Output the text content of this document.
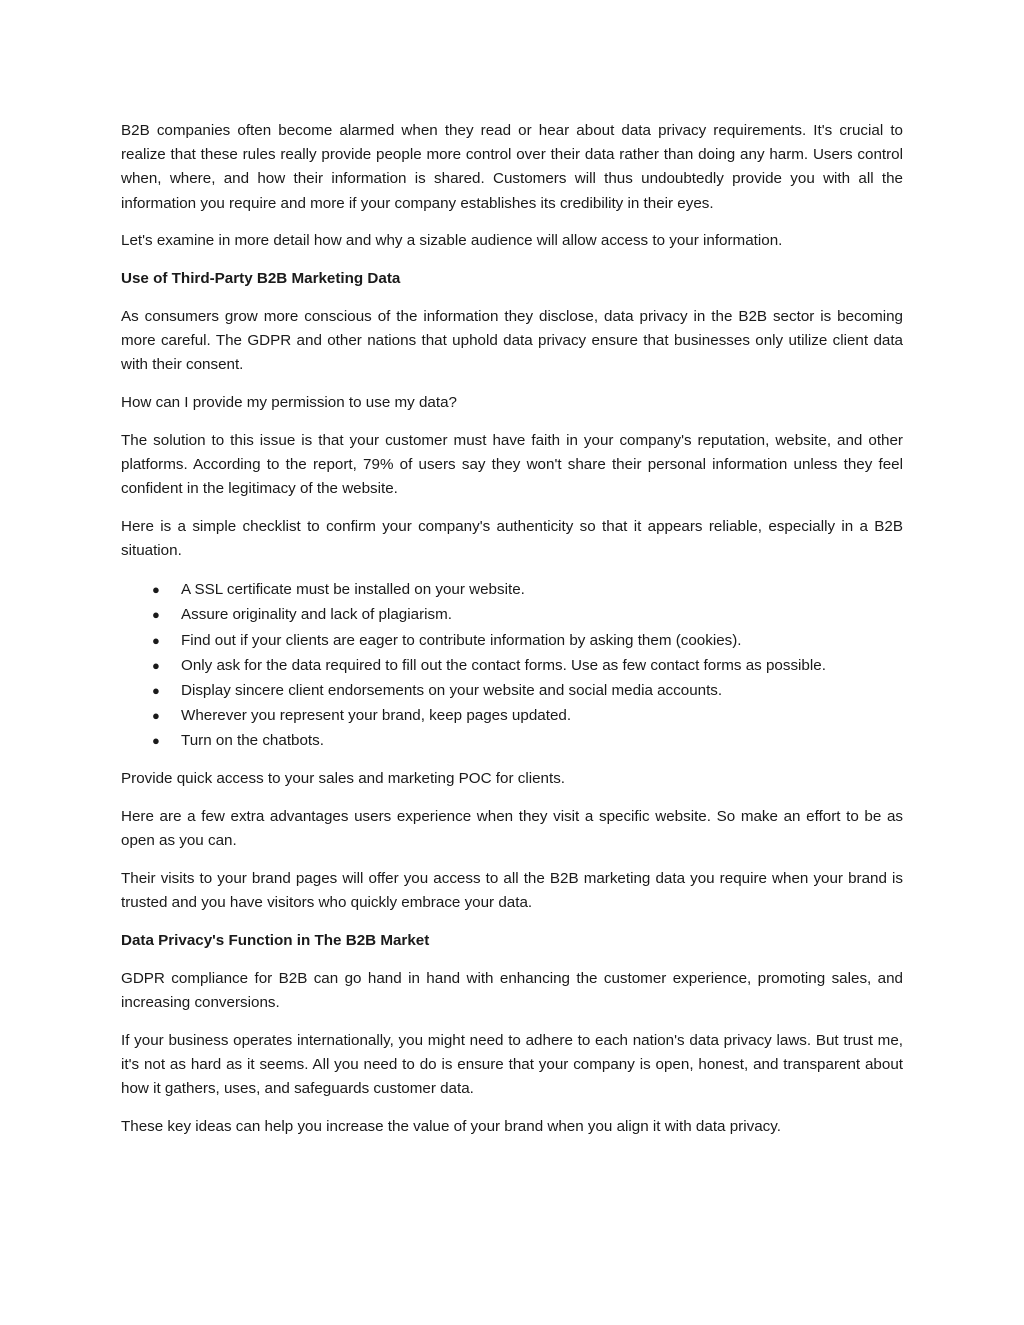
B2B companies often become alarmed when they read or hear about data privacy requirements. It's crucial to realize that these rules really provide people more control over their data rather than doing any harm. Users control when, where, and how their information is shared. Customers will thus undoubtedly provide you with all the information you require and more if your company establishes its credibility in their eyes.

Let's examine in more detail how and why a sizable audience will allow access to your information.

Use of Third-Party B2B Marketing Data

As consumers grow more conscious of the information they disclose, data privacy in the B2B sector is becoming more careful. The GDPR and other nations that uphold data privacy ensure that businesses only utilize client data with their consent.

How can I provide my permission to use my data?

The solution to this issue is that your customer must have faith in your company's reputation, website, and other platforms. According to the report, 79% of users say they won't share their personal information unless they feel confident in the legitimacy of the website.

Here is a simple checklist to confirm your company's authenticity so that it appears reliable, especially in a B2B situation.

● A SSL certificate must be installed on your website.
● Assure originality and lack of plagiarism.
● Find out if your clients are eager to contribute information by asking them (cookies).
● Only ask for the data required to fill out the contact forms. Use as few contact forms as possible.
● Display sincere client endorsements on your website and social media accounts.
● Wherever you represent your brand, keep pages updated.
● Turn on the chatbots.

Provide quick access to your sales and marketing POC for clients.

Here are a few extra advantages users experience when they visit a specific website. So make an effort to be as open as you can.

Their visits to your brand pages will offer you access to all the B2B marketing data you require when your brand is trusted and you have visitors who quickly embrace your data.

Data Privacy's Function in The B2B Market

GDPR compliance for B2B can go hand in hand with enhancing the customer experience, promoting sales, and increasing conversions.

If your business operates internationally, you might need to adhere to each nation's data privacy laws. But trust me, it's not as hard as it seems. All you need to do is ensure that your company is open, honest, and transparent about how it gathers, uses, and safeguards customer data.

These key ideas can help you increase the value of your brand when you align it with data privacy.
